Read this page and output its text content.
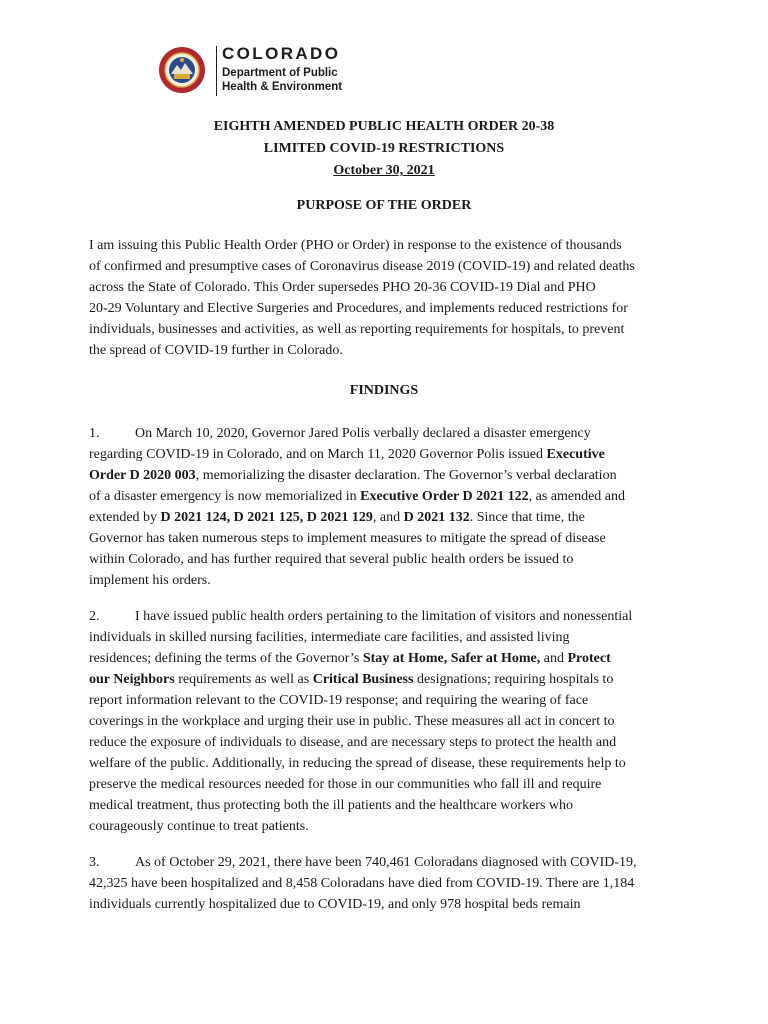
COLORADO
Department of Public
Health & Environment
EIGHTH AMENDED PUBLIC HEALTH ORDER 20-38
LIMITED COVID-19 RESTRICTIONS
October 30, 2021
PURPOSE OF THE ORDER
I am issuing this Public Health Order (PHO or Order) in response to the existence of thousands
of confirmed and presumptive cases of Coronavirus disease 2019 (COVID-19) and related deaths
across the State of Colorado. This Order supersedes PHO 20-36 COVID-19 Dial and PHO
20-29 Voluntary and Elective Surgeries and Procedures, and implements reduced restrictions for
individuals, businesses and activities, as well as reporting requirements for hospitals, to prevent
the spread of COVID-19 further in Colorado.
FINDINGS
1.	On March 10, 2020, Governor Jared Polis verbally declared a disaster emergency
regarding COVID-19 in Colorado, and on March 11, 2020 Governor Polis issued Executive
Order D 2020 003, memorializing the disaster declaration. The Governor’s verbal declaration
of a disaster emergency is now memorialized in Executive Order D 2021 122, as amended and
extended by D 2021 124, D 2021 125, D 2021 129, and D 2021 132. Since that time, the
Governor has taken numerous steps to implement measures to mitigate the spread of disease
within Colorado, and has further required that several public health orders be issued to
implement his orders.
2.	I have issued public health orders pertaining to the limitation of visitors and nonessential
individuals in skilled nursing facilities, intermediate care facilities, and assisted living
residences; defining the terms of the Governor’s Stay at Home, Safer at Home, and Protect
our Neighbors requirements as well as Critical Business designations; requiring hospitals to
report information relevant to the COVID-19 response; and requiring the wearing of face
coverings in the workplace and urging their use in public. These measures all act in concert to
reduce the exposure of individuals to disease, and are necessary steps to protect the health and
welfare of the public. Additionally, in reducing the spread of disease, these requirements help to
preserve the medical resources needed for those in our communities who fall ill and require
medical treatment, thus protecting both the ill patients and the healthcare workers who
courageously continue to treat patients.
3.	As of October 29, 2021, there have been 740,461 Coloradans diagnosed with COVID-19,
42,325 have been hospitalized and 8,458 Coloradans have died from COVID-19. There are 1,184
individuals currently hospitalized due to COVID-19, and only 978 hospital beds remain
